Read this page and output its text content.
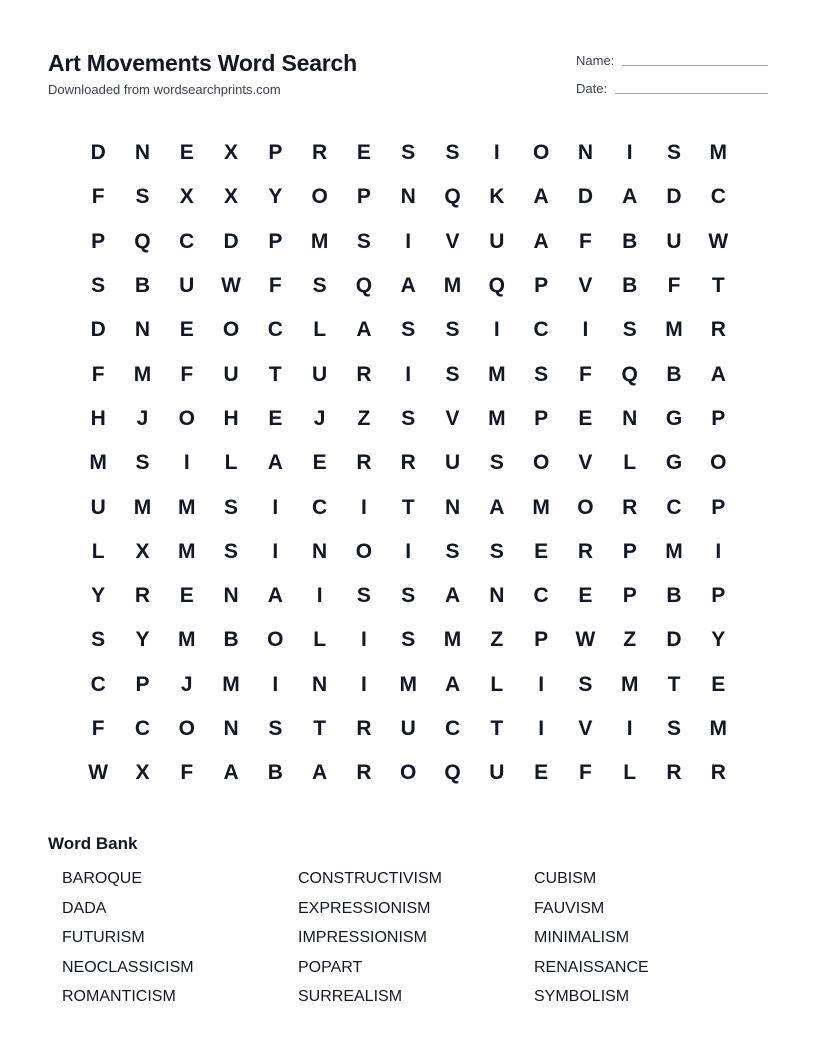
Art Movements Word Search
Downloaded from wordsearchprints.com
Name:
Date:
D	N	E	X	P	R	E	S	S	I	O	N	I	S	M
F	S	X	X	Y	O	P	N	Q	K	A	D	A	D	C
P	Q	C	D	P	M	S	I	V	U	A	F	B	U	W
S	B	U	W	F	S	Q	A	M	Q	P	V	B	F	T
D	N	E	O	C	L	A	S	S	I	C	I	S	M	R
F	M	F	U	T	U	R	I	S	M	S	F	Q	B	A
H	J	O	H	E	J	Z	S	V	M	P	E	N	G	P
M	S	I	L	A	E	R	R	U	S	O	V	L	G	O
U	M	M	S	I	C	I	T	N	A	M	O	R	C	P
L	X	M	S	I	N	O	I	S	S	E	R	P	M	I
Y	R	E	N	A	I	S	S	A	N	C	E	P	B	P
S	Y	M	B	O	L	I	S	M	Z	P	W	Z	D	Y
C	P	J	M	I	N	I	M	A	L	I	S	M	T	E
F	C	O	N	S	T	R	U	C	T	I	V	I	S	M
W	X	F	A	B	A	R	O	Q	U	E	F	L	R	R
Word Bank
BAROQUE	CONSTRUCTIVISM	CUBISM
DADA	EXPRESSIONISM	FAUVISM
FUTURISM	IMPRESSIONISM	MINIMALISM
NEOCLASSICISM	POPART	RENAISSANCE
ROMANTICISM	SURREALISM	SYMBOLISM
